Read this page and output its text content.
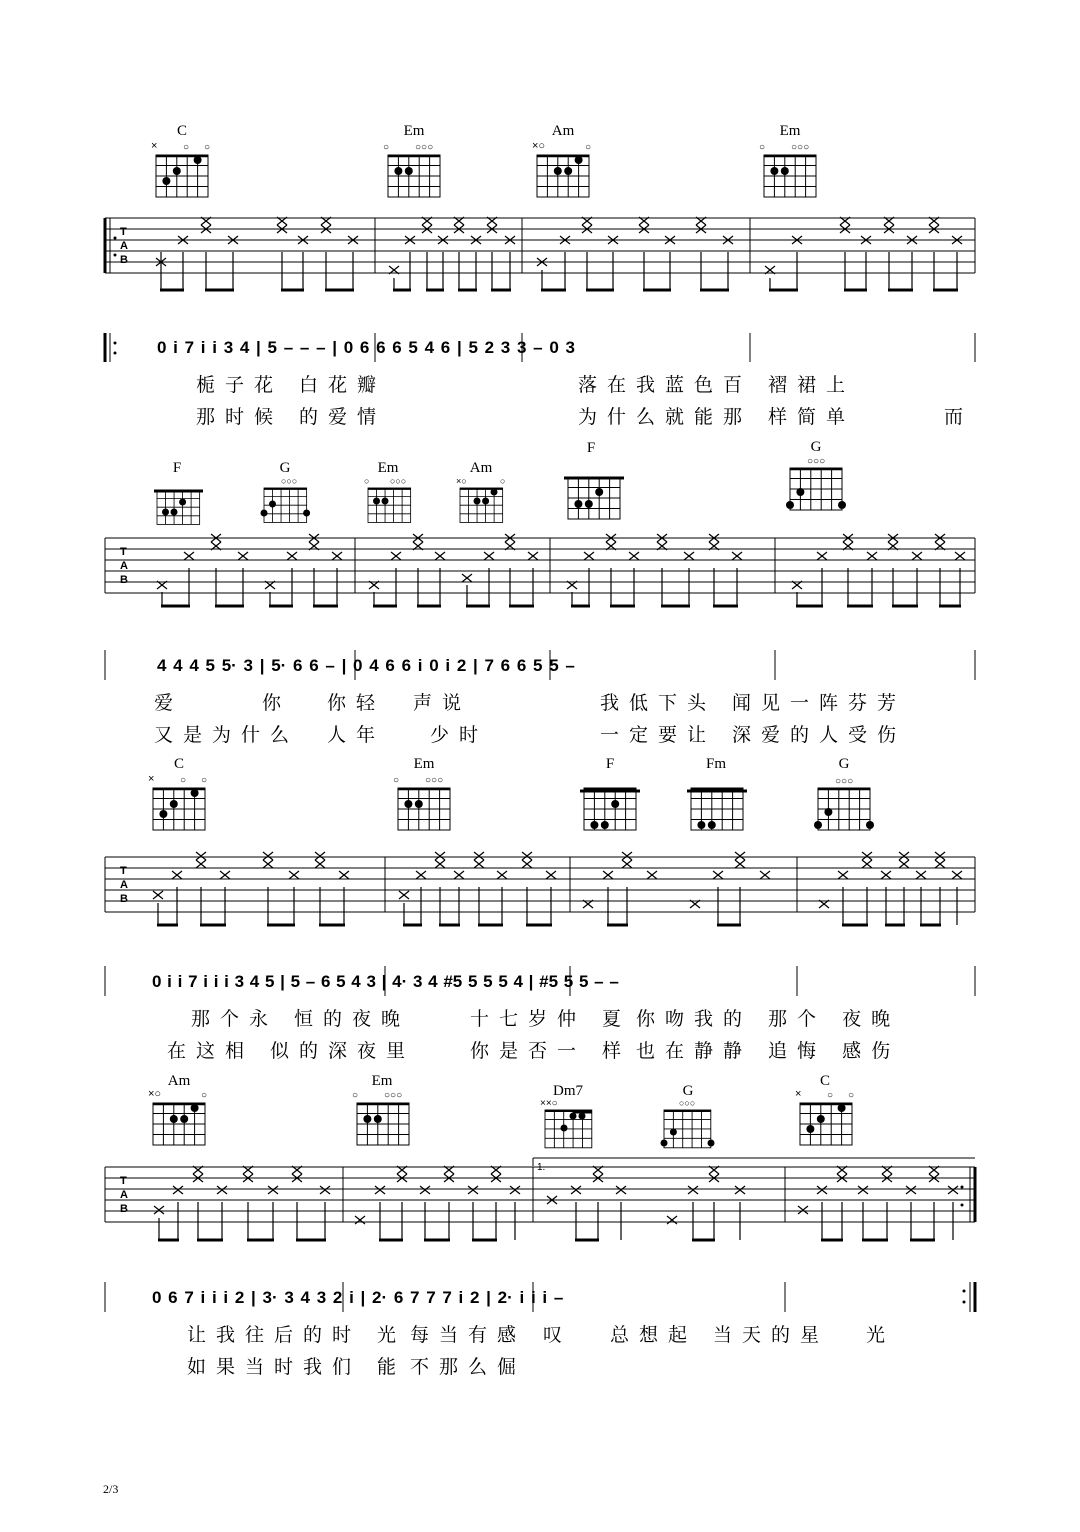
×	○ ○
C
○	○○○
Em
×○	○
Am
○	○○○
Em
T
A
B
F
○○○
G
○ ○○○
Em
×○	○
Am
F
○○○
G
T
A
B
×	○ ○
C
○	○○○
Em	F	Fm
○○○
G
T
A
B
×○	○
Am
○	○○○
Em
××○
Dm7
○○○
G	×	○ ○
C
1.
T
A
B
0 i 7 i i 3 4 | 5 – – – | 0 6 6 6 5 4 6 | 5 2 3 3 – 0 3
4 4 4 5 5· 3 | 5· 6 6 – | 0 4 6 6 i 0 i 2 | 7 6 6 5 5 –
0 i i 7 i i i 3 4 5 | 5 – 6 5 4 3 | 4· 3 4 #5 5 5 5 4 | #5 5 5 – –
0 6 7 i i i 2 | 3· 3 4 3 2 i | 2· 6 7 7 7 i 2 | 2· i i i –
栀子花 白花瓣	落在我蓝色百 褶裙上
那时候 的爱情	为什么就能那 样简单	而
爱	你 你轻 声说	我低下头 闻见一阵芬芳
又是为什么 人年 少时	一定要让 深爱的人受伤
那个永 恒的夜晚	十七岁仲 夏 你吻我的 那个 夜晚
在这相 似的深夜里	你是否一 样 也在静静 追悔 感伤
让我往后的时 光 每当有感 叹 总想起 当天的星 光
如果当时我们 能 不那么倔
2/3
